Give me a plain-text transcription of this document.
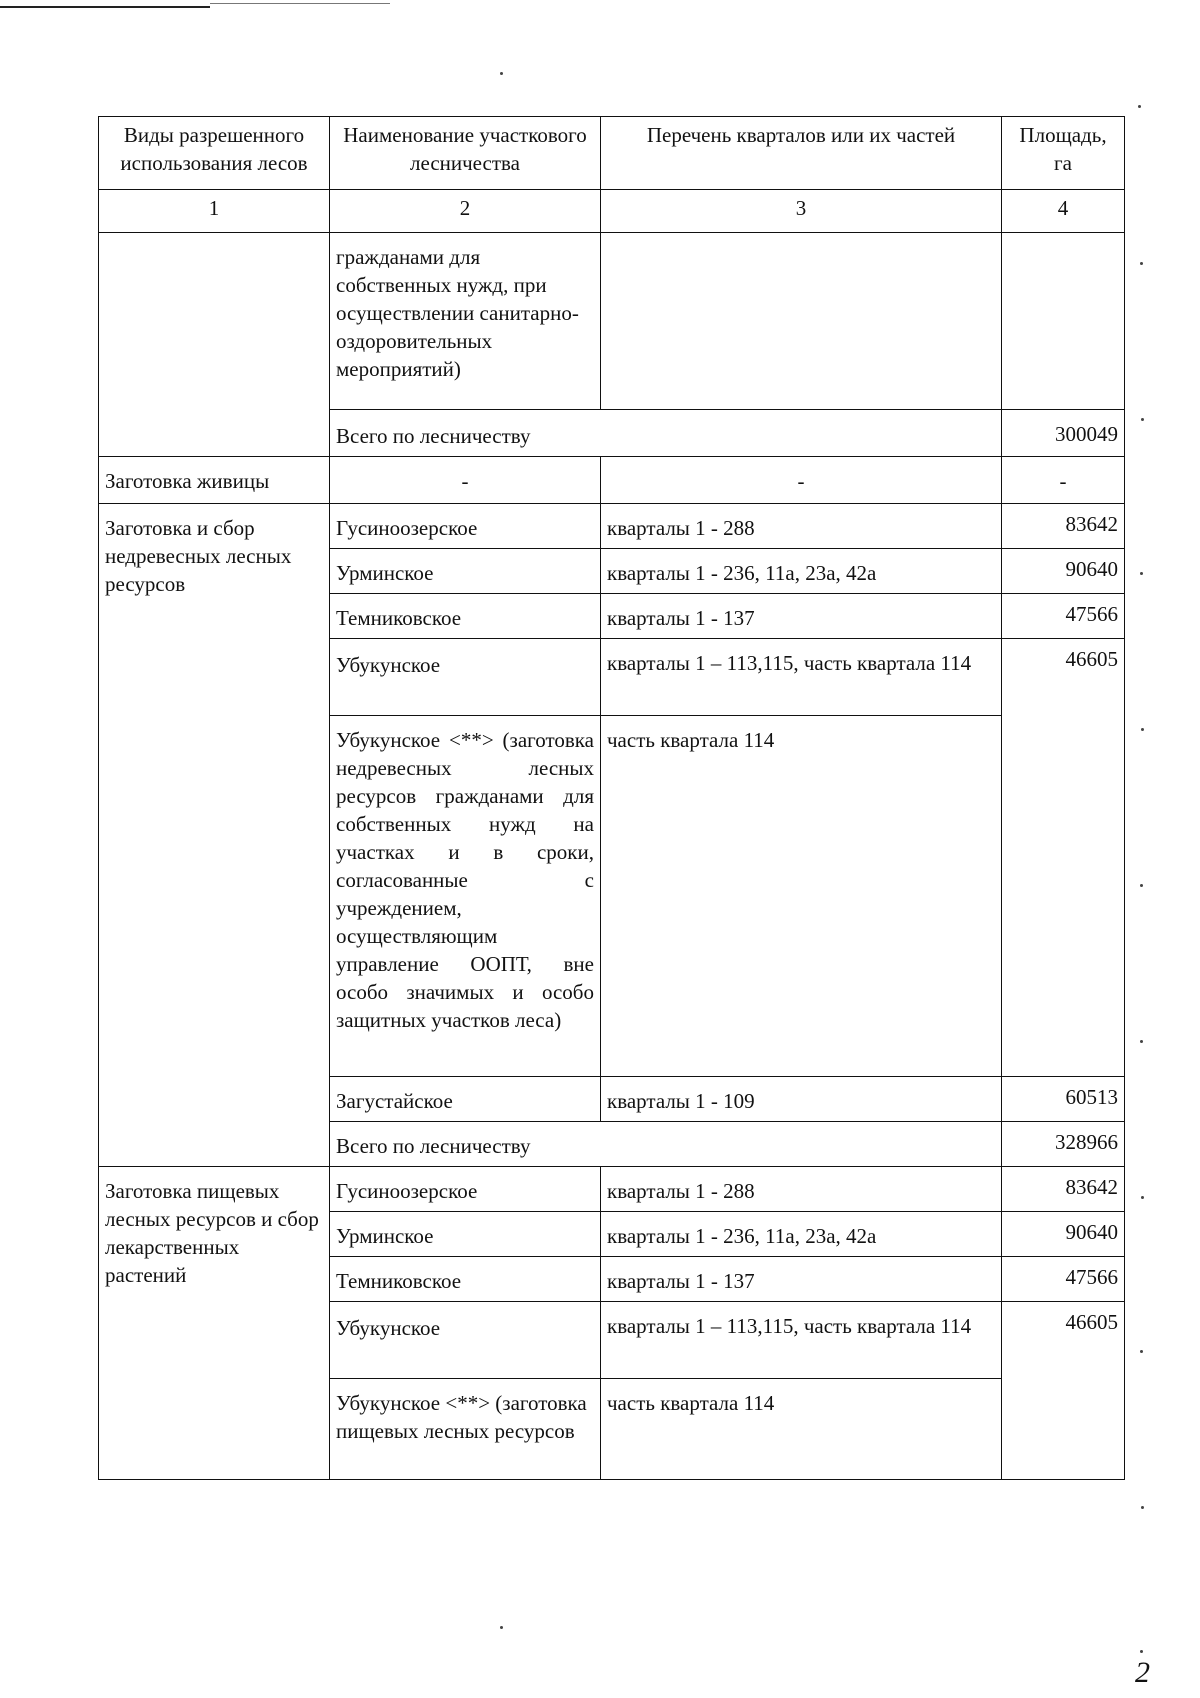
Виды разрешенного использования лесов	Наименование участкового лесничества	Перечень кварталов или их частей	Площадь, га
1	2	3	4
	гражданами для собственных нужд, при осуществлении санитарно-оздоровительных мероприятий)		
	Всего по лесничеству		300049
Заготовка живицы	-	-	-
Заготовка и сбор недревесных лесных ресурсов	Гусиноозерское	кварталы 1 - 288	83642
	Урминское	кварталы 1 - 236, 11а, 23а, 42а	90640
	Темниковское	кварталы 1 - 137	47566
	Убукунское	кварталы 1 – 113,115, часть квартала 114	46605
	Убукунское <**> (заготовка недревесных лесных ресурсов гражданами для собственных нужд на участках и в сроки, согласованные с учреждением, осуществляющим управление ООПТ, вне особо значимых и особо защитных участков леса)	часть квартала 114	
	Загустайское	кварталы 1 - 109	60513
	Всего по лесничеству		328966
Заготовка пищевых лесных ресурсов и сбор лекарственных растений	Гусиноозерское	кварталы 1 - 288	83642
	Урминское	кварталы 1 - 236, 11а, 23а, 42а	90640
	Темниковское	кварталы 1 - 137	47566
	Убукунское	кварталы 1 – 113,115, часть квартала 114	46605
	Убукунское <**> (заготовка пищевых лесных ресурсов	часть квартала 114	
2
